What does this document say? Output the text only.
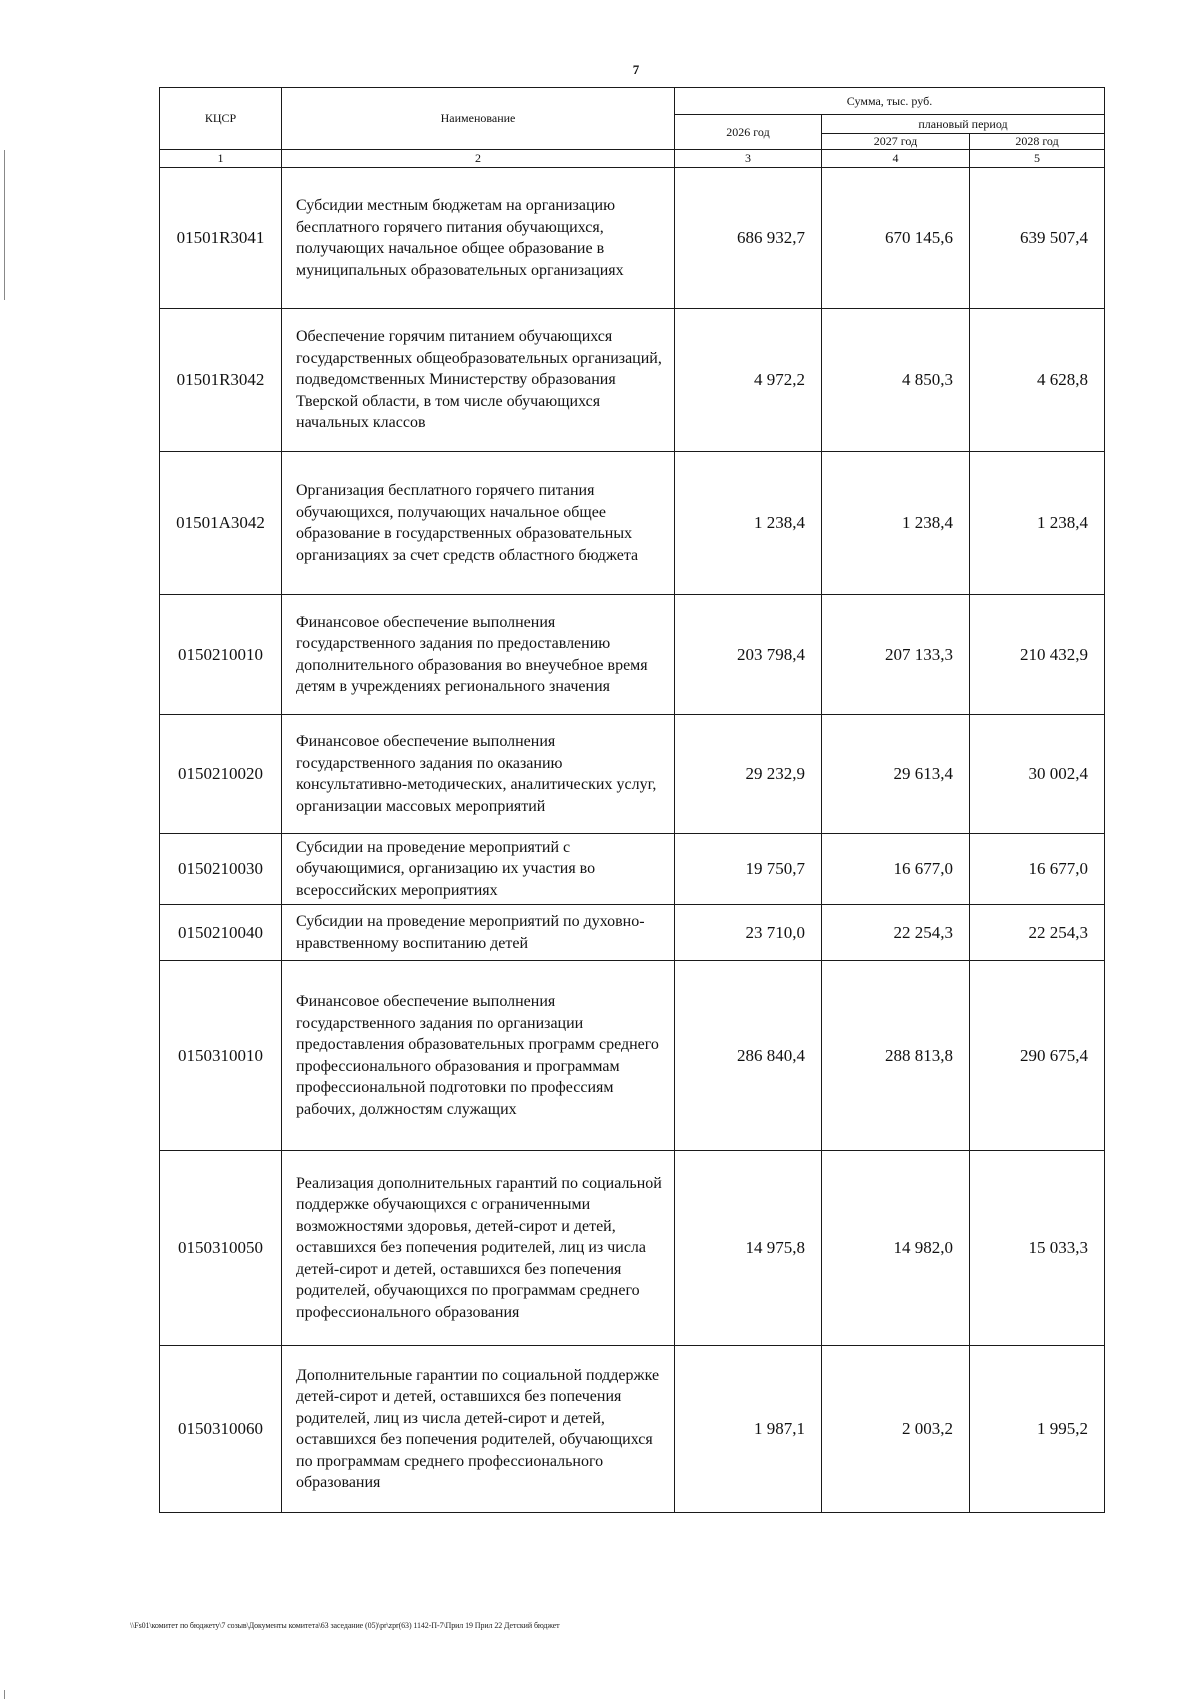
7
КЦСР	Наименование	Сумма, тыс. руб.		
		2026 год	плановый период	
			2027 год	2028 год
1	2	3	4	5
01501R3041	Субсидии местным бюджетам на организацию бесплатного горячего питания обучающихся, получающих начальное общее образование в муниципальных образовательных организациях	686 932,7	670 145,6	639 507,4
01501R3042	Обеспечение горячим питанием обучающихся государственных общеобразовательных организаций, подведомственных Министерству образования Тверской области, в том числе обучающихся начальных классов	4 972,2	4 850,3	4 628,8
01501A3042	Организация бесплатного горячего питания обучающихся, получающих начальное общее образование в государственных образовательных организациях за счет средств областного бюджета	1 238,4	1 238,4	1 238,4
0150210010	Финансовое обеспечение выполнения государственного задания по предоставлению дополнительного образования во внеучебное время детям в учреждениях регионального значения	203 798,4	207 133,3	210 432,9
0150210020	Финансовое обеспечение выполнения государственного задания по оказанию консультативно-методических, аналитических услуг, организации массовых мероприятий	29 232,9	29 613,4	30 002,4
0150210030	Субсидии на проведение мероприятий с обучающимися, организацию их участия во всероссийских мероприятиях	19 750,7	16 677,0	16 677,0
0150210040	Субсидии на проведение мероприятий по духовно-нравственному воспитанию детей	23 710,0	22 254,3	22 254,3
0150310010	Финансовое обеспечение выполнения государственного задания по организации предоставления образовательных программ среднего профессионального образования и программам профессиональной подготовки по профессиям рабочих, должностям служащих	286 840,4	288 813,8	290 675,4
0150310050	Реализация дополнительных гарантий по социальной поддержке обучающихся с ограниченными возможностями здоровья, детей-сирот и детей, оставшихся без попечения родителей, лиц из числа детей-сирот и детей, оставшихся без попечения родителей, обучающихся по программам среднего профессионального образования	14 975,8	14 982,0	15 033,3
0150310060	Дополнительные гарантии по социальной поддержке детей-сирот и детей, оставшихся без попечения родителей, лиц из числа детей-сирот и детей, оставшихся без попечения родителей, обучающихся по программам среднего профессионального образования	1 987,1	2 003,2	1 995,2
\\Fs01\комитет по бюджету\7 созыв\Документы комитета\63 заседание (05)\pr\zpr(63) 1142-П-7\Прил 19 Прил 22 Детский бюджет
